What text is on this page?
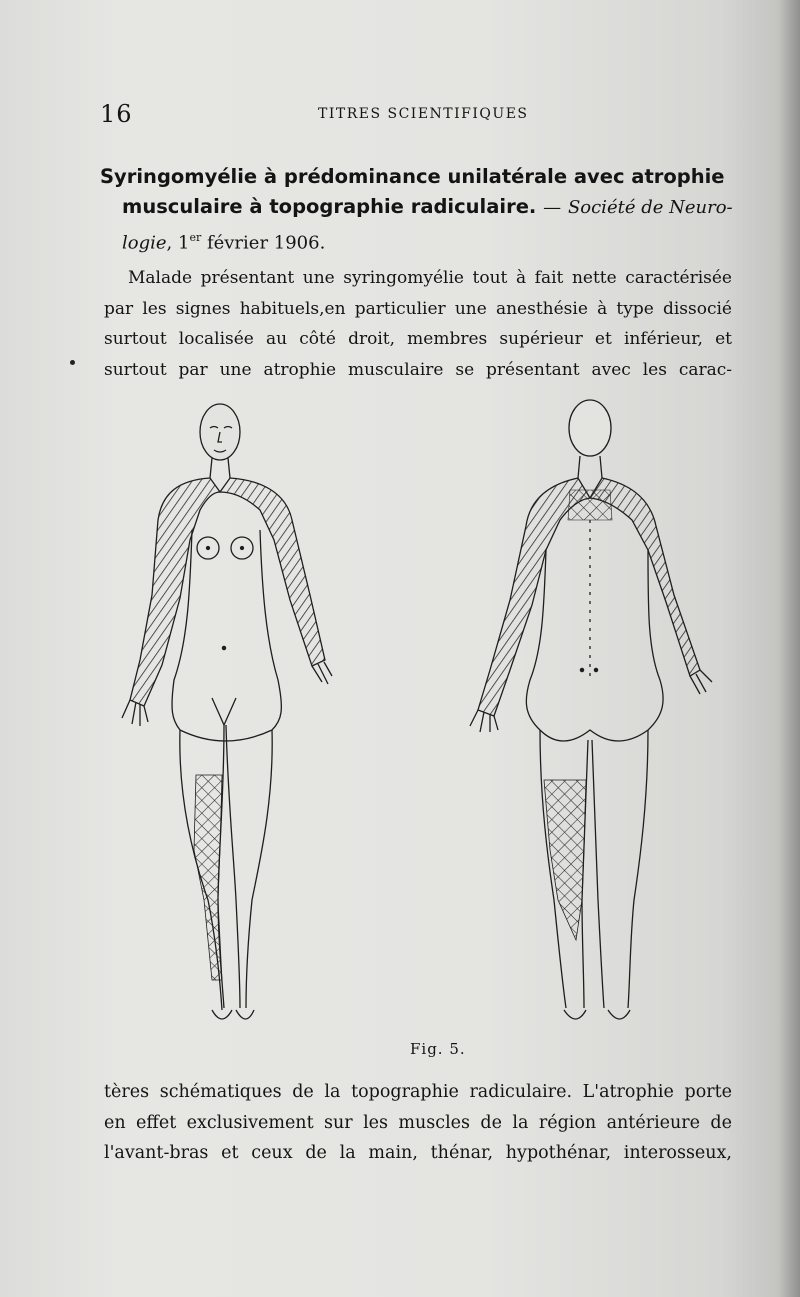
16	TITRES SCIENTIFIQUES
Syringomyélie à prédominance unilatérale avec atrophie
musculaire à topographie radiculaire. — Société de Neuro-
logie, 1er février 1906.
Malade présentant une syringomyélie tout à fait nette caractérisée
par les signes habituels,en particulier une anesthésie à type dissocié
surtout localisée au côté droit, membres supérieur et inférieur, et
surtout par une atrophie musculaire se présentant avec les carac-
Fig. 5.
tères schématiques de la topographie radiculaire. L'atrophie porte
en effet exclusivement sur les muscles de la région antérieure de
l'avant-bras et ceux de la main, thénar, hypothénar, interosseux,
